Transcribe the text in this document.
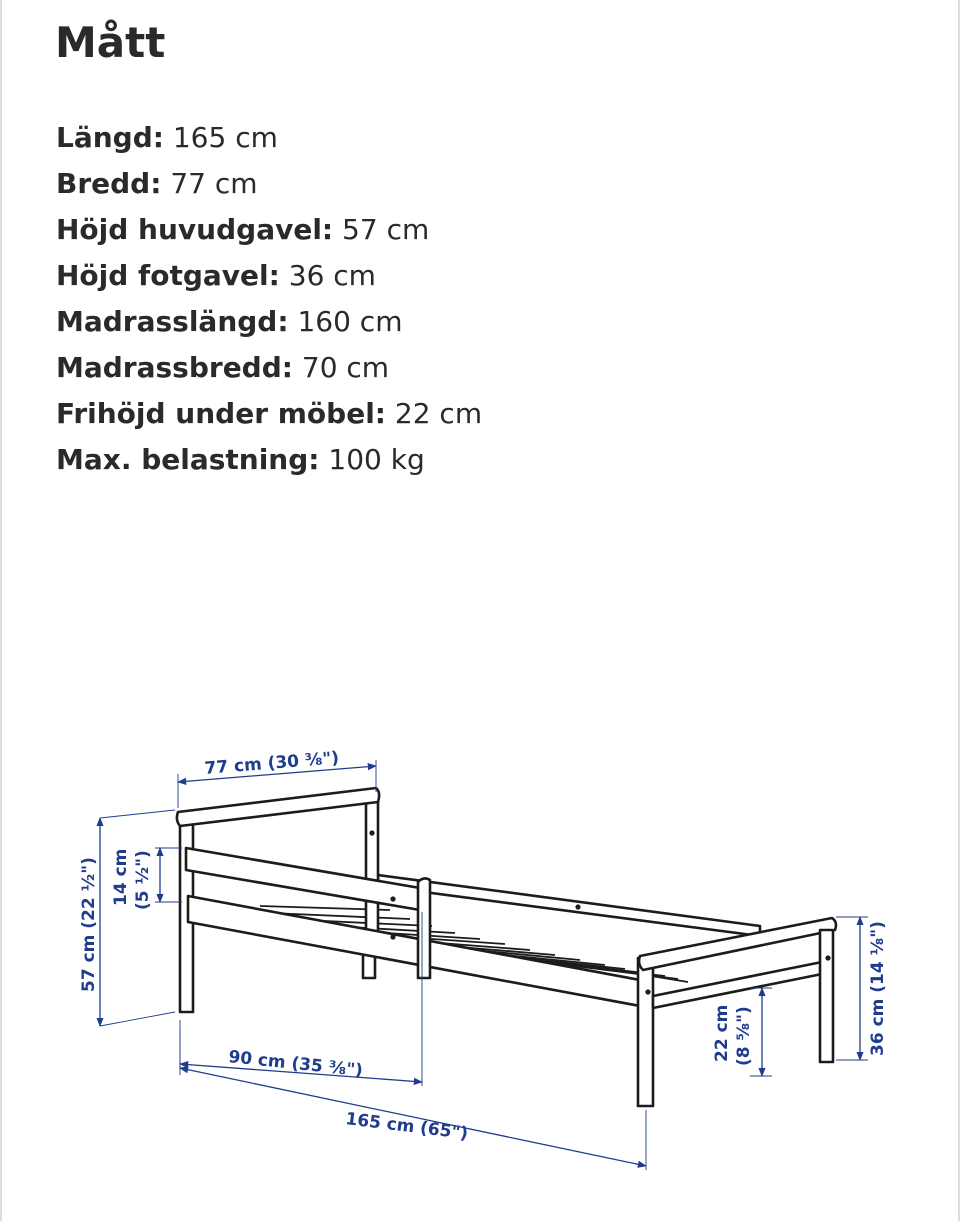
Mått
Längd: 165 cm
Bredd: 77 cm
Höjd huvudgavel: 57 cm
Höjd fotgavel: 36 cm
Madrasslängd: 160 cm
Madrassbredd: 70 cm
Frihöjd under möbel: 22 cm
Max. belastning: 100 kg
77 cm (30 ⅜")
57 cm (22 ½") 14 cm (5 ½")
90 cm (35 ⅜")
165 cm (65")
22 cm (8 ⅝")	36 cm (14 ⅛")
